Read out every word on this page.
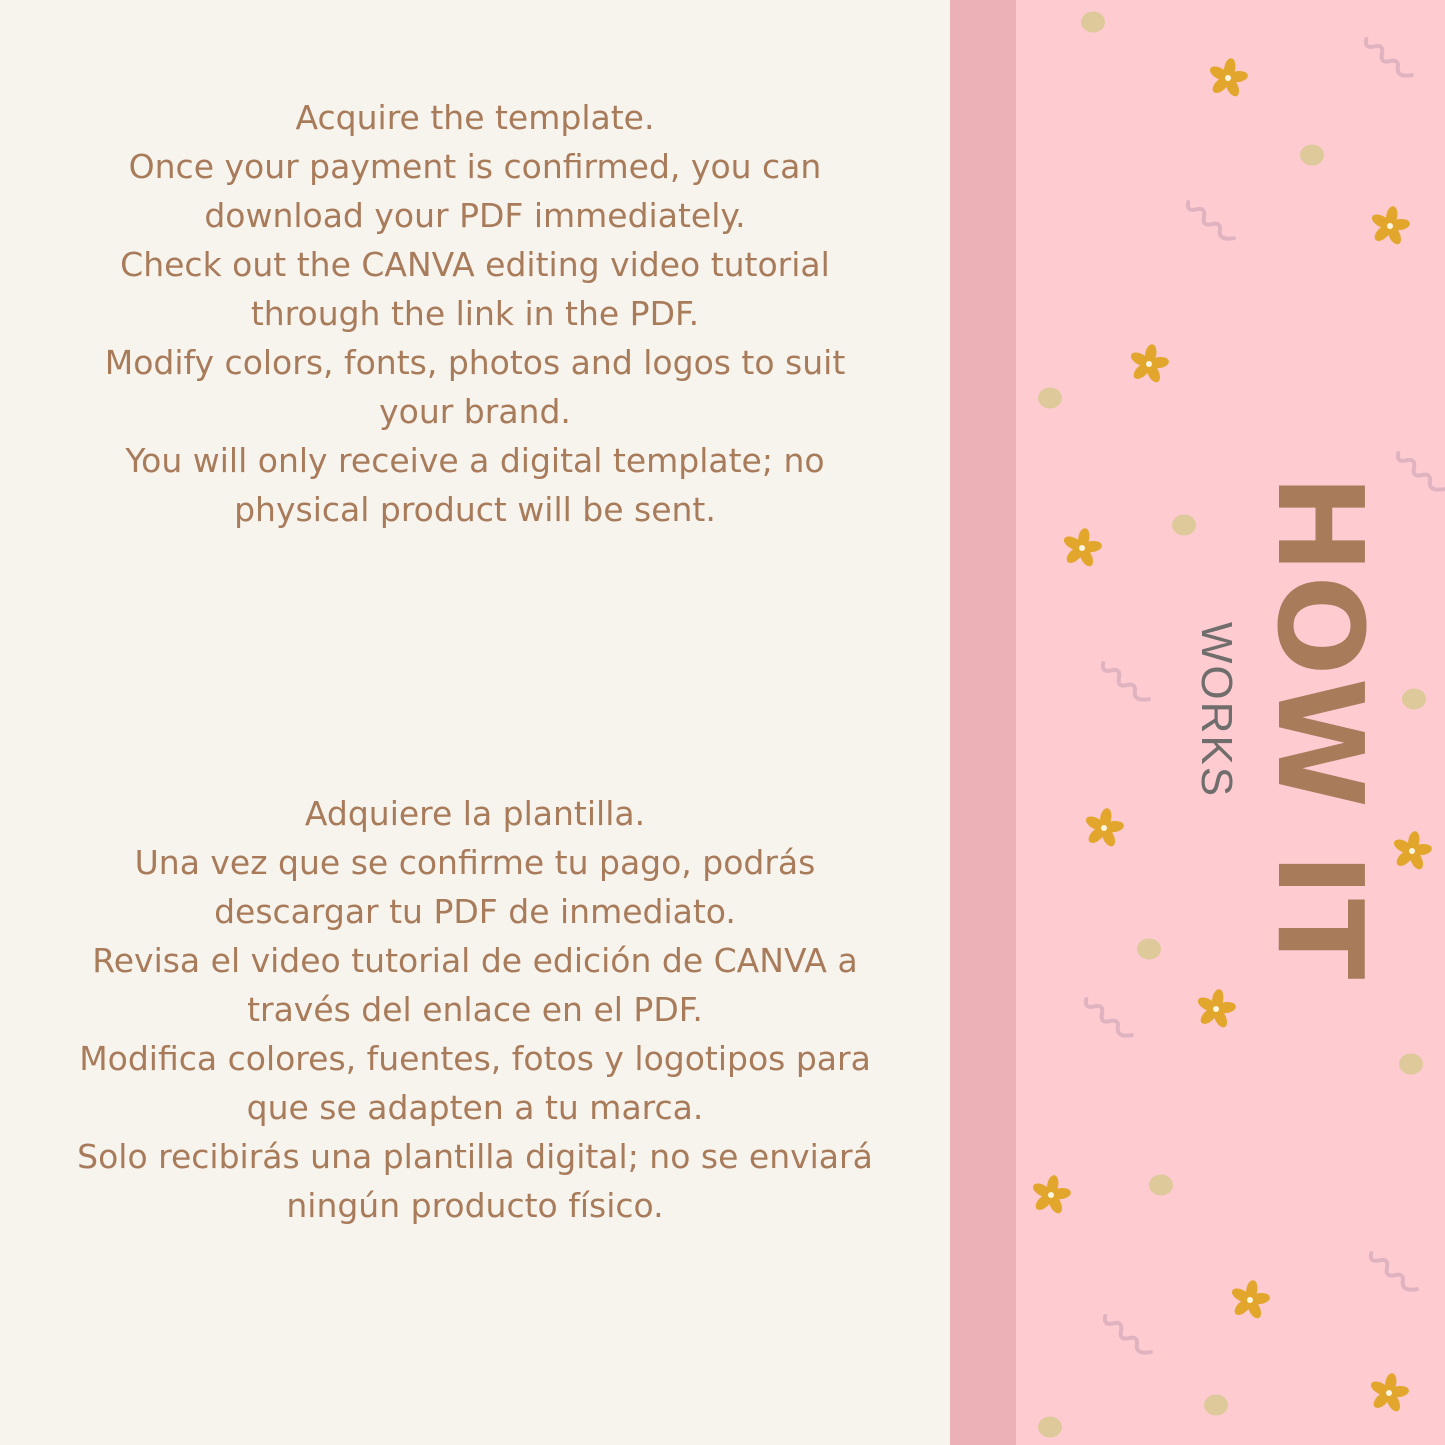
Acquire the template.
Once your payment is confirmed, you can
download your PDF immediately.
Check out the CANVA editing video tutorial
through the link in the PDF.
Modify colors, fonts, photos and logos to suit
your brand.
You will only receive a digital template; no
physical product will be sent.
Adquiere la plantilla.
Una vez que se confirme tu pago, podrás
descargar tu PDF de inmediato.
Revisa el video tutorial de edición de CANVA a
través del enlace en el PDF.
Modifica colores, fuentes, fotos y logotipos para
que se adapten a tu marca.
Solo recibirás una plantilla digital; no se enviará
ningún producto físico.
HOW IT
WORKS
